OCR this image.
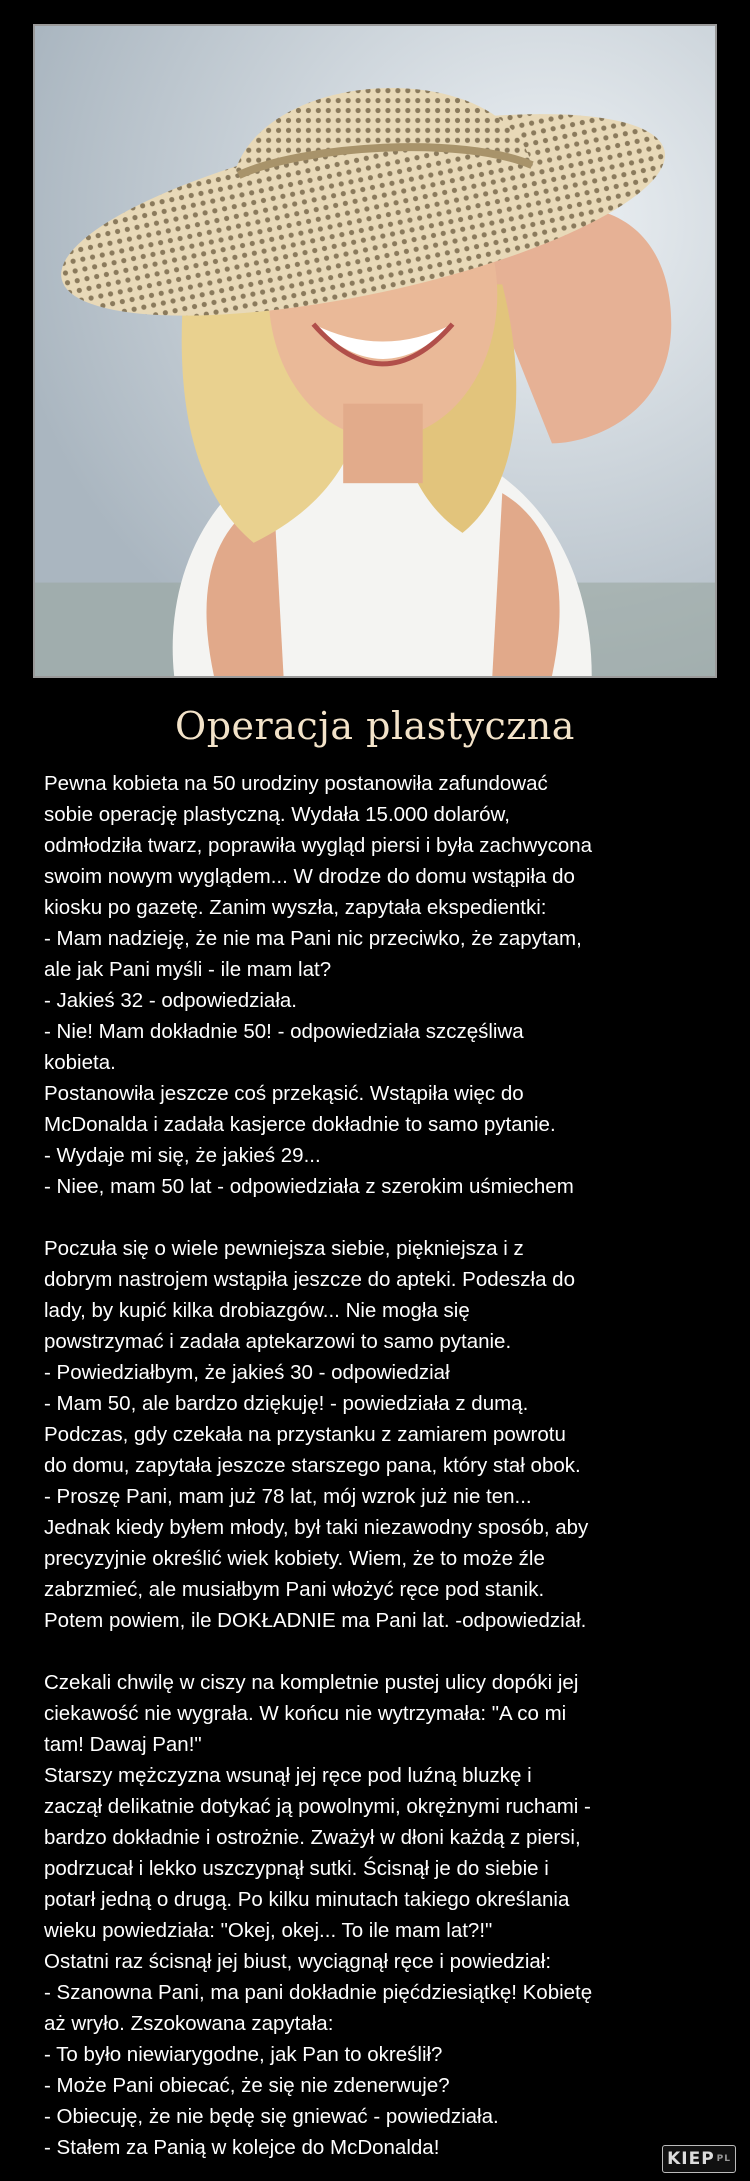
Operacja plastyczna

Pewna kobieta na 50 urodziny postanowiła zafundować

sobie operację plastyczną. Wydała 15.000 dolarów,

odmłodziła twarz, poprawiła wygląd piersi i była zachwycona

swoim nowym wyglądem... W drodze do domu wstąpiła do

kiosku po gazetę. Zanim wyszła, zapytała ekspedientki:

- Mam nadzieję, że nie ma Pani nic przeciwko, że zapytam,

ale jak Pani myśli - ile mam lat?

- Jakieś 32 - odpowiedziała.

- Nie! Mam dokładnie 50! - odpowiedziała szczęśliwa

kobieta.

Postanowiła jeszcze coś przekąsić. Wstąpiła więc do

McDonalda i zadała kasjerce dokładnie to samo pytanie.

- Wydaje mi się, że jakieś 29...

- Niee, mam 50 lat - odpowiedziała z szerokim uśmiechem

Poczuła się o wiele pewniejsza siebie, piękniejsza i z

dobrym nastrojem wstąpiła jeszcze do apteki. Podeszła do

lady, by kupić kilka drobiazgów... Nie mogła się

powstrzymać i zadała aptekarzowi to samo pytanie.

- Powiedziałbym, że jakieś 30 - odpowiedział

- Mam 50, ale bardzo dziękuję! - powiedziała z dumą.

Podczas, gdy czekała na przystanku z zamiarem powrotu

do domu, zapytała jeszcze starszego pana, który stał obok.

- Proszę Pani, mam już 78 lat, mój wzrok już nie ten...

Jednak kiedy byłem młody, był taki niezawodny sposób, aby

precyzyjnie określić wiek kobiety. Wiem, że to może źle

zabrzmieć, ale musiałbym Pani włożyć ręce pod stanik.

Potem powiem, ile DOKŁADNIE ma Pani lat. -odpowiedział.

Czekali chwilę w ciszy na kompletnie pustej ulicy dopóki jej

ciekawość nie wygrała. W końcu nie wytrzymała: "A co mi

tam! Dawaj Pan!"

Starszy mężczyzna wsunął jej ręce pod luźną bluzkę i

zaczął delikatnie dotykać ją powolnymi, okrężnymi ruchami -

bardzo dokładnie i ostrożnie. Zważył w dłoni każdą z piersi,

podrzucał i lekko uszczypnął sutki. Ścisnął je do siebie i

potarł jedną o drugą. Po kilku minutach takiego określania

wieku powiedziała: "Okej, okej... To ile mam lat?!"

Ostatni raz ścisnął jej biust, wyciągnął ręce i powiedział:

- Szanowna Pani, ma pani dokładnie pięćdziesiątkę! Kobietę

aż wryło. Zszokowana zapytała:

- To było niewiarygodne, jak Pan to określił?

- Może Pani obiecać, że się nie zdenerwuje?

- Obiecuję, że nie będę się gniewać - powiedziała.

- Stałem za Panią w kolejce do McDonalda!	KIEP PL
